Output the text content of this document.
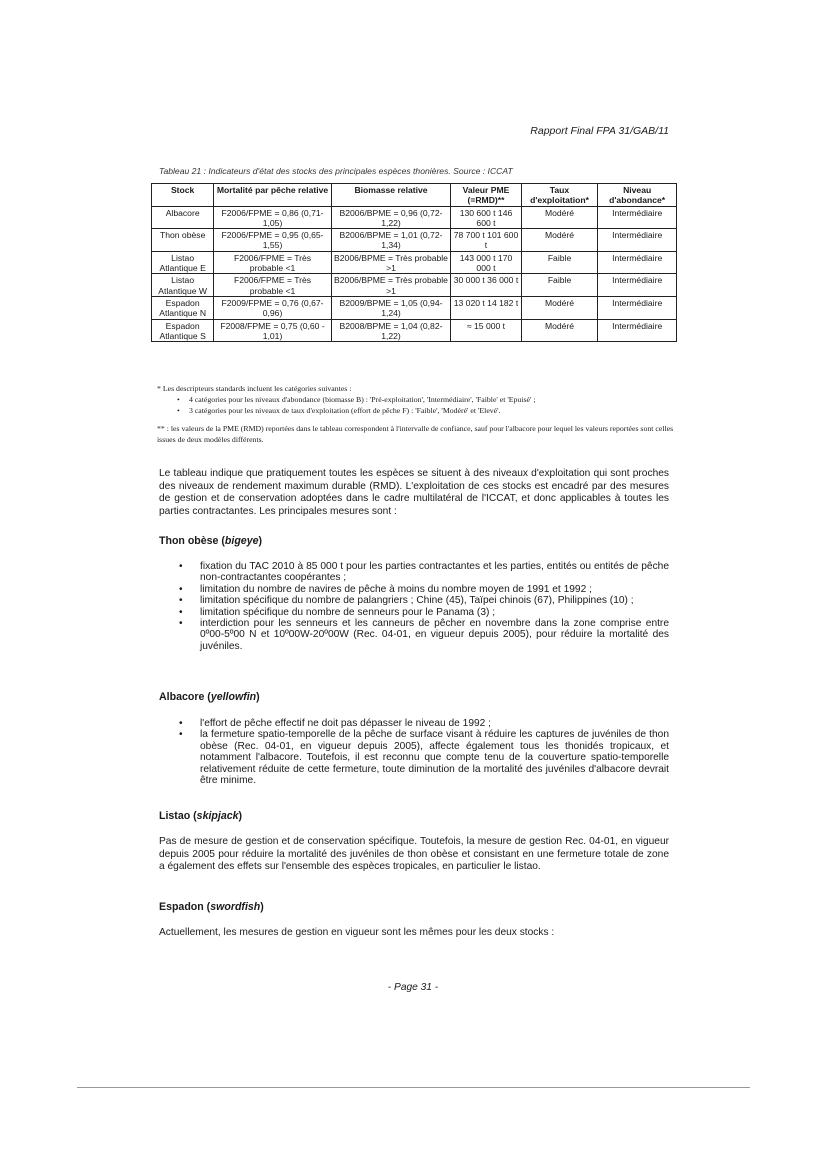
Rapport Final FPA 31/GAB/11
Tableau 21 : Indicateurs d'état des stocks des principales espèces thonières. Source : ICCAT
Stock	Mortalité par pêche relative	Biomasse relative	Valeur PME (=RMD)**	Taux d'exploitation*	Niveau d'abondance*
Albacore	F2006/FPME = 0,86 (0,71-1,05)	B2006/BPME = 0,96 (0,72-1,22)	130 600 t 146 600 t	Modéré	Intermédiaire
Thon obèse	F2006/FPME = 0,95 (0,65-1,55)	B2006/BPME = 1,01 (0,72-1,34)	78 700 t 101 600 t	Modéré	Intermédiaire
Listao Atlantique E	F2006/FPME = Très probable <1	B2006/BPME = Très probable >1	143 000 t 170 000 t	Faible	Intermédiaire
Listao Atlantique W	F2006/FPME = Très probable <1	B2006/BPME = Très probable >1	30 000 t 36 000 t	Faible	Intermédiaire
Espadon Atlantique N	F2009/FPME = 0,76 (0,67-0,96)	B2009/BPME = 1,05 (0,94-1,24)	13 020 t 14 182 t	Modéré	Intermédiaire
Espadon Atlantique S	F2008/FPME = 0,75 (0,60 - 1,01)	B2008/BPME = 1,04 (0,82-1,22)	≈ 15 000 t	Modéré	Intermédiaire
* Les descripteurs standards incluent les catégories suivantes :
• 4 catégories pour les niveaux d'abondance (biomasse B) : 'Pré-exploitation', 'Intermédiaire', 'Faible' et 'Epuisé' ;
• 3 catégories pour les niveaux de taux d'exploitation (effort de pêche F) : 'Faible', 'Modéré' et 'Elevé'.
** : les valeurs de la PME (RMD) reportées dans le tableau correspondent à l'intervalle de confiance, sauf pour l'albacore pour lequel les valeurs reportées sont celles issues de deux modèles différents.
Le tableau indique que pratiquement toutes les espèces se situent à des niveaux d'exploitation qui sont proches des niveaux de rendement maximum durable (RMD). L'exploitation de ces stocks est encadré par des mesures de gestion et de conservation adoptées dans le cadre multilatéral de l'ICCAT, et donc applicables à toutes les parties contractantes. Les principales mesures sont :
Thon obèse (bigeye)
• fixation du TAC 2010 à 85 000 t pour les parties contractantes et les parties, entités ou entités de pêche non-contractantes coopérantes ;
• limitation du nombre de navires de pêche à moins du nombre moyen de 1991 et 1992 ;
• limitation spécifique du nombre de palangriers ; Chine (45), Taïpei chinois (67), Philippines (10) ;
• limitation spécifique du nombre de senneurs pour le Panama (3) ;
• interdiction pour les senneurs et les canneurs de pêcher en novembre dans la zone comprise entre 0º00-5º00 N et 10º00W-20º00W (Rec. 04-01, en vigueur depuis 2005), pour réduire la mortalité des juvéniles.
Albacore (yellowfin)
• l'effort de pêche effectif ne doit pas dépasser le niveau de 1992 ;
• la fermeture spatio-temporelle de la pêche de surface visant à réduire les captures de juvéniles de thon obèse (Rec. 04-01, en vigueur depuis 2005), affecte également tous les thonidés tropicaux, et notamment l'albacore. Toutefois, il est reconnu que compte tenu de la couverture spatio-temporelle relativement réduite de cette fermeture, toute diminution de la mortalité des juvéniles d'albacore devrait être minime.
Listao (skipjack)
Pas de mesure de gestion et de conservation spécifique. Toutefois, la mesure de gestion Rec. 04-01, en vigueur depuis 2005 pour réduire la mortalité des juvéniles de thon obèse et consistant en une fermeture totale de zone a également des effets sur l'ensemble des espèces tropicales, en particulier le listao.
Espadon (swordfish)
Actuellement, les mesures de gestion en vigueur sont les mêmes pour les deux stocks :
- Page 31 -
